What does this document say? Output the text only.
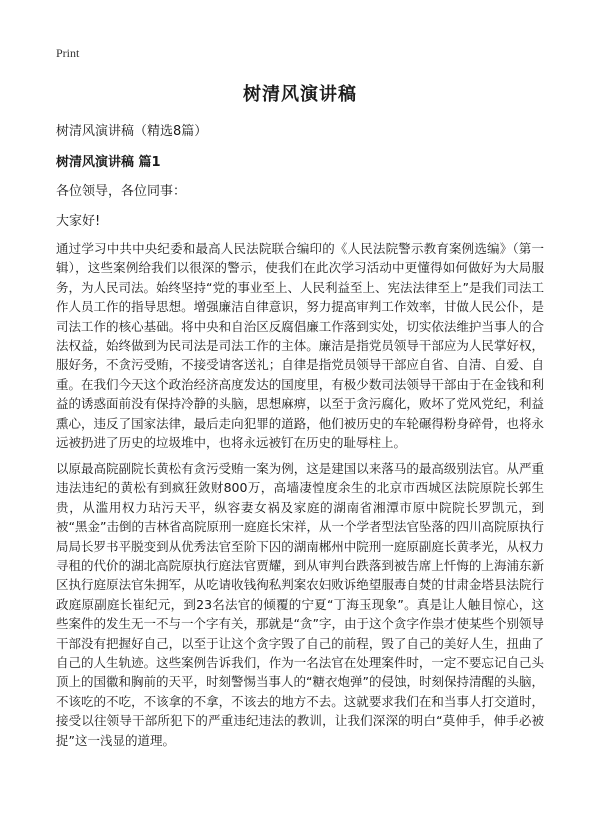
Print
树清风演讲稿
树清风演讲稿（精选8篇）
树清风演讲稿 篇1
各位领导，各位同事：
大家好!

通过学习中共中央纪委和最高人民法院联合编印的《人民法院警示教育案例选编》（第一辑），这些案例给我们以很深的警示，使我们在此次学习活动中更懂得如何做好为大局服务，为人民司法。始终坚持“党的事业至上、人民利益至上、宪法法律至上”是我们司法工作人员工作的指导思想。增强廉洁自律意识，努力提高审判工作效率，甘做人民公仆，是司法工作的核心基础。将中央和自治区反腐倡廉工作落到实处，切实依法维护当事人的合法权益，始终做到为民司法是司法工作的主体。廉洁是指党员领导干部应为人民掌好权，服好务，不贪污受贿，不接受请客送礼；自律是指党员领导干部应自省、自清、自爱、自重。在我们今天这个政治经济高度发达的国度里，有极少数司法领导干部由于在金钱和利益的诱惑面前没有保持冷静的头脑，思想麻痹，以至于贪污腐化，败坏了党风党纪，利益熏心，违反了国家法律，最后走向犯罪的道路，他们被历史的车轮碾得粉身碎骨，也将永远被扔进了历史的垃圾堆中，也将永远被钉在历史的耻辱柱上。

以原最高院副院长黄松有贪污受贿一案为例，这是建国以来落马的最高级别法官。从严重违法违纪的黄松有到疯狂敛财800万，高墙凄惶度余生的北京市西城区法院原院长郭生贵，从滥用权力玷污天平，纵容妻女祸及家庭的湖南省湘潭市原中院院长罗凯元，到被“黑金”击倒的吉林省高院原刑一庭庭长宋祥，从一个学者型法官坠落的四川高院原执行局局长罗书平脱变到从优秀法官至阶下囚的湖南郴州中院刑一庭原副庭长黄孝光，从权力寻租的代价的湖北高院原执行庭法官贾耀，到从审判台跌落到被告席上忏悔的上海浦东新区执行庭原法官朱拥军，从吃请收钱徇私判案农妇败诉绝望服毒自焚的甘肃金塔县法院行政庭原副庭长崔纪元，到23名法官的倾覆的宁夏“丁海玉现象”。真是让人触目惊心，这些案件的发生无一不与一个字有关，那就是“贪”字，由于这个贪字作祟才使某些个别领导干部没有把握好自己，以至于让这个贪字毁了自己的前程，毁了自己的美好人生，扭曲了自己的人生轨迹。这些案例告诉我们，作为一名法官在处理案件时，一定不要忘记自己头顶上的国徽和胸前的天平，时刻警惕当事人的“糖衣炮弹”的侵蚀，时刻保持清醒的头脑，不该吃的不吃，不该拿的不拿，不该去的地方不去。这就要求我们在和当事人打交道时，接受以往领导干部所犯下的严重违纪违法的教训，让我们深深的明白“莫伸手，伸手必被捉”这一浅显的道理。
